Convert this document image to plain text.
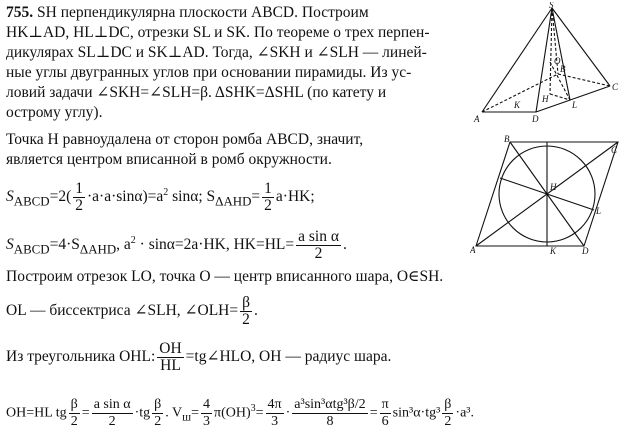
755. SH перпендикулярна плоскости ABCD. Построим
HK⊥AD, HL⊥DC, отрезки SL и SK. По теореме о трех перпен-
дикулярах SL⊥DC и SK⊥AD. Тогда, ∠SKH и ∠SLH — линей-
ные углы двугранных углов при основании пирамиды. Из ус-
ловий задачи ∠SKH=∠SLH=β. ΔSHK=ΔSHL (по катету и
острому углу).
Точка H равноудалена от сторон ромба ABCD, значит,
является центром вписанной в ромб окружности.
$S_{ABCD}=2( \frac{1}{2} \cdot a\cdot a\cdot\sin\alpha)=a^2$ sinα; $S_{\Delta AHD}= \frac{1}{2} a\cdot HK$;
$S_{ABCD}=4\cdot S_{\Delta AHD}$, $a^2 \cdot \sin\alpha=2a\cdot HK$, $HK=HL= \frac{\text{a sin α}}{2}$ .
Построим отрезок LO, точка O — центр вписанного шара, O∈SH.
OL — биссектриса ∠SLH, ∠OLH= $\frac{\beta}{2}$ .
Из треугольника OHL: $\frac{OH}{HL}$ =tg∠HLO, OH — радиус шара.
OH=HL tg $\frac{\beta}{2} = \frac{\text{a sin α}}{2} \cdot tg \frac{\beta}{2}$ . $V_ш= \frac{4}{3} \pi(OH)^3= \frac{4\pi}{3} \cdot \frac{\text{a³sin³αtg³β/2}}{8} = \frac{\pi}{6} \sin^3\alpha\cdot tg^3 \frac{\beta}{2} \cdot a^3$.
S
A
B
C
D
H
K	L
O
A
B
C
D
H
K
L
